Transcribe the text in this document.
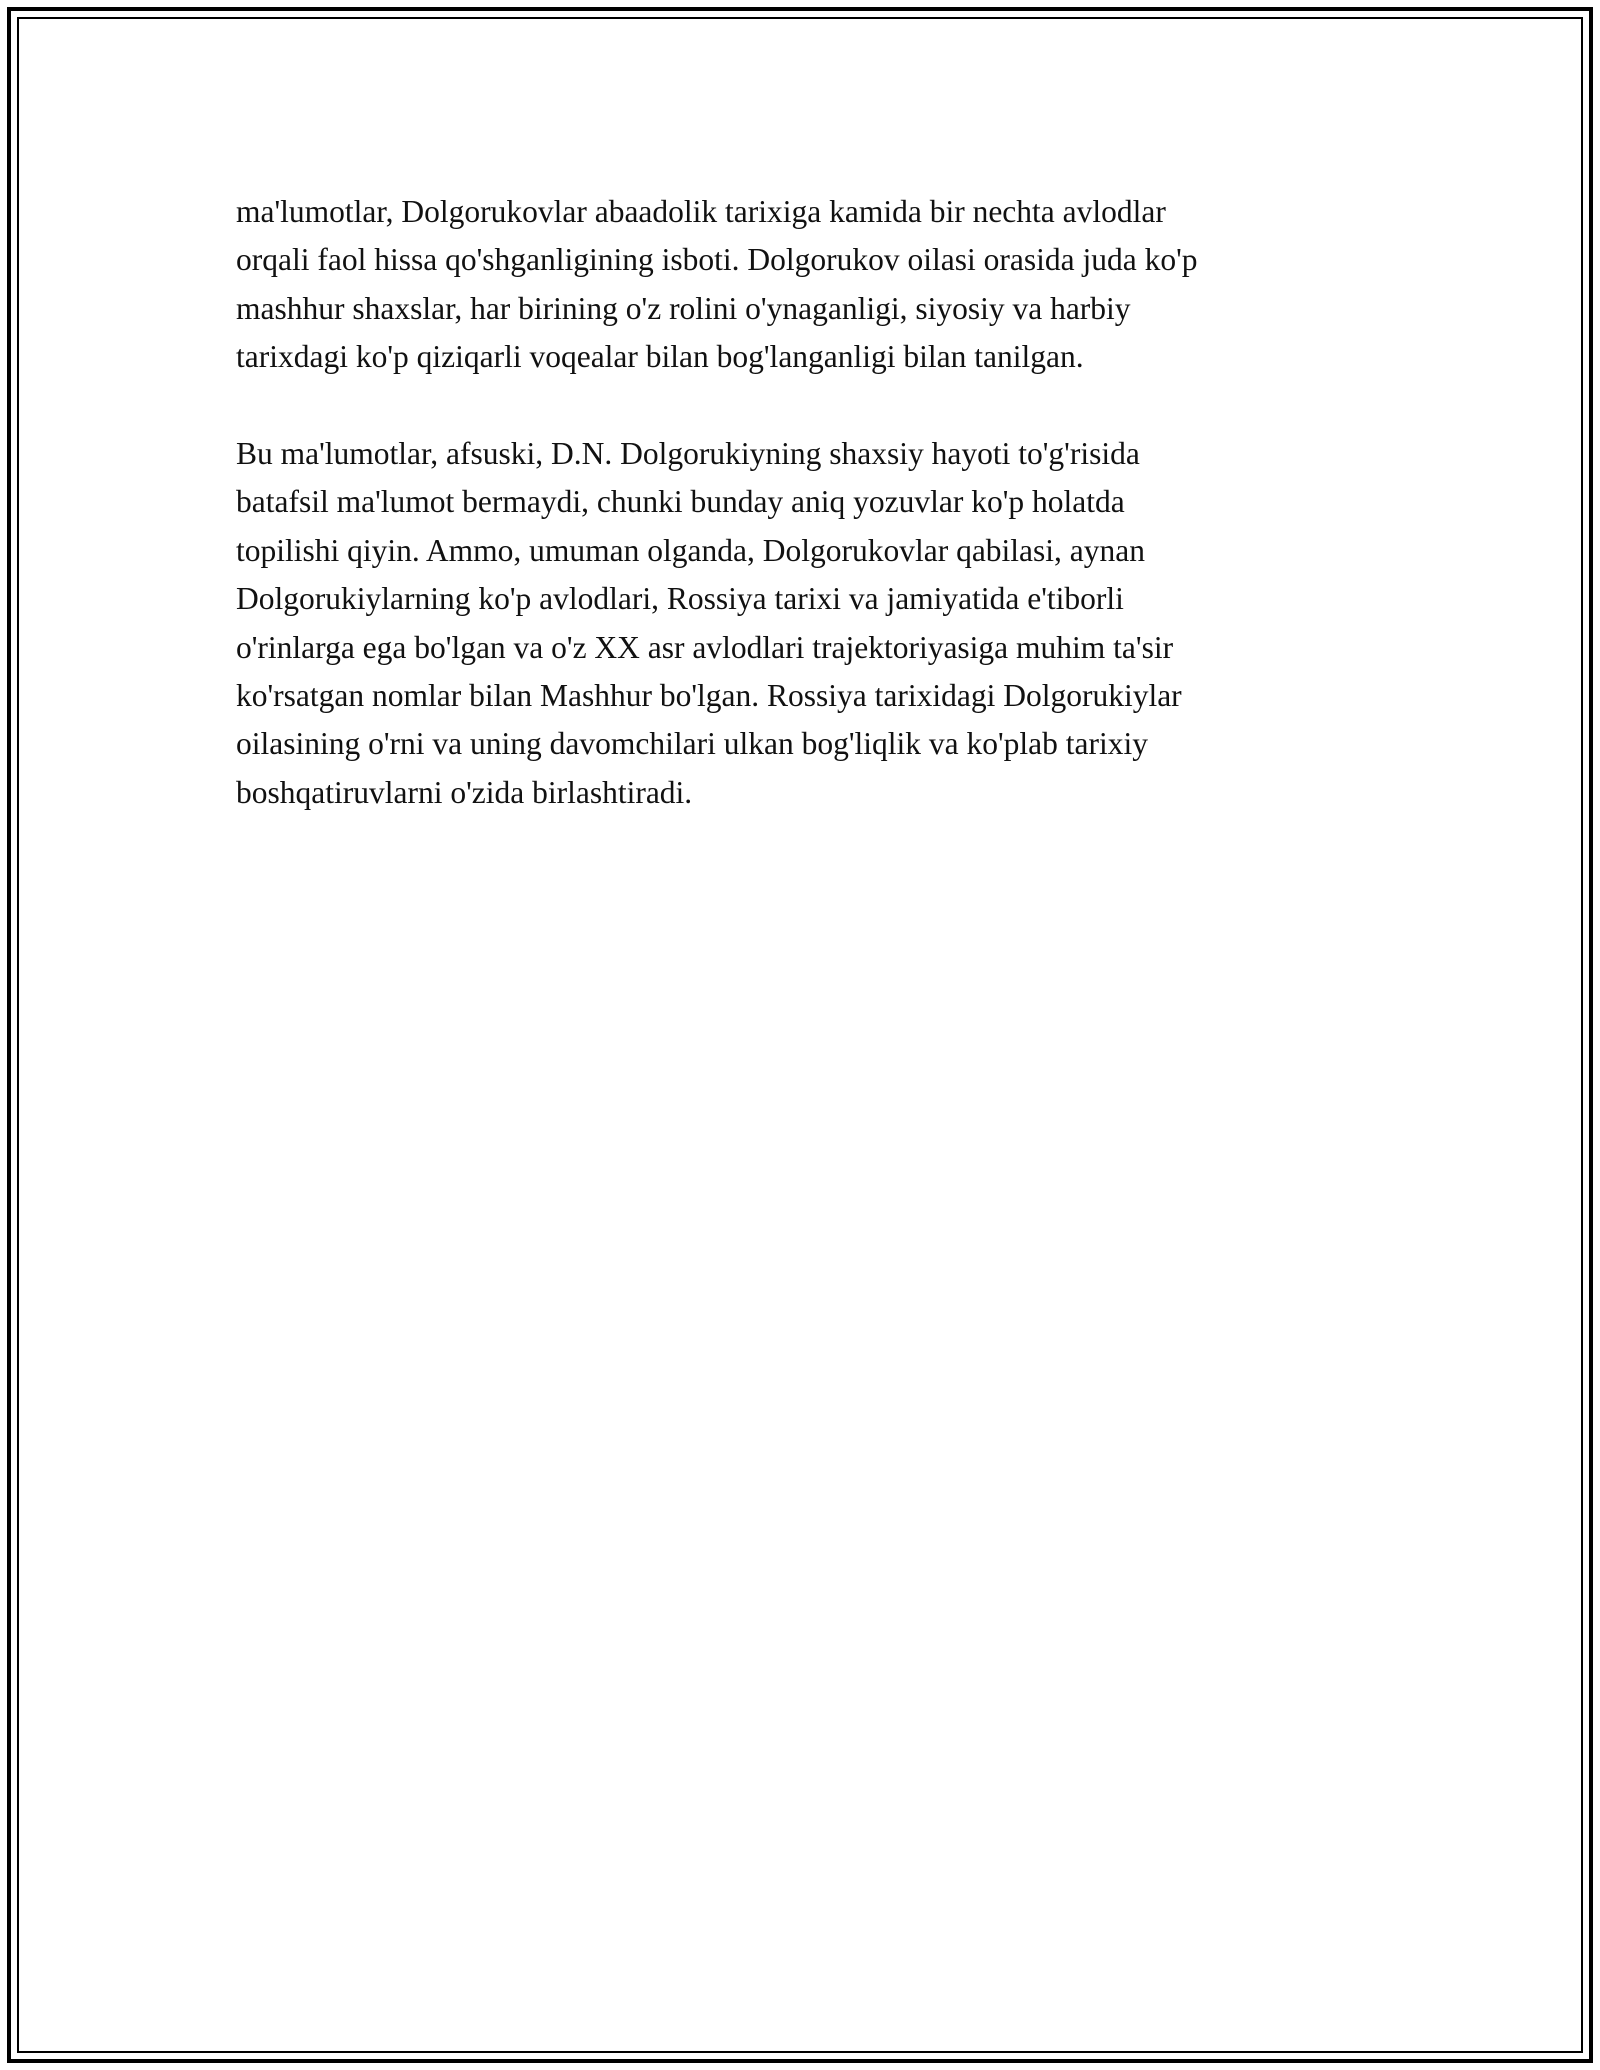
ma'lumotlar, Dolgorukovlar abaadolik tarixiga kamida bir nechta avlodlar
orqali faol hissa qo'shganligining isboti. Dolgorukov oilasi orasida juda ko'p
mashhur shaxslar, har birining o'z rolini o'ynaganligi, siyosiy va harbiy
tarixdagi ko'p qiziqarli voqealar bilan bog'langanligi bilan tanilgan.

Bu ma'lumotlar, afsuski, D.N. Dolgorukiyning shaxsiy hayoti to'g'risida
batafsil ma'lumot bermaydi, chunki bunday aniq yozuvlar ko'p holatda
topilishi qiyin. Ammo, umuman olganda, Dolgorukovlar qabilasi, aynan
Dolgorukiylarning ko'p avlodlari, Rossiya tarixi va jamiyatida e'tiborli
o'rinlarga ega bo'lgan va o'z XX asr avlodlari trajektoriyasiga muhim ta'sir
ko'rsatgan nomlar bilan Mashhur bo'lgan. Rossiya tarixidagi Dolgorukiylar
oilasining o'rni va uning davomchilari ulkan bog'liqlik va ko'plab tarixiy
boshqatiruvlarni o'zida birlashtiradi.
